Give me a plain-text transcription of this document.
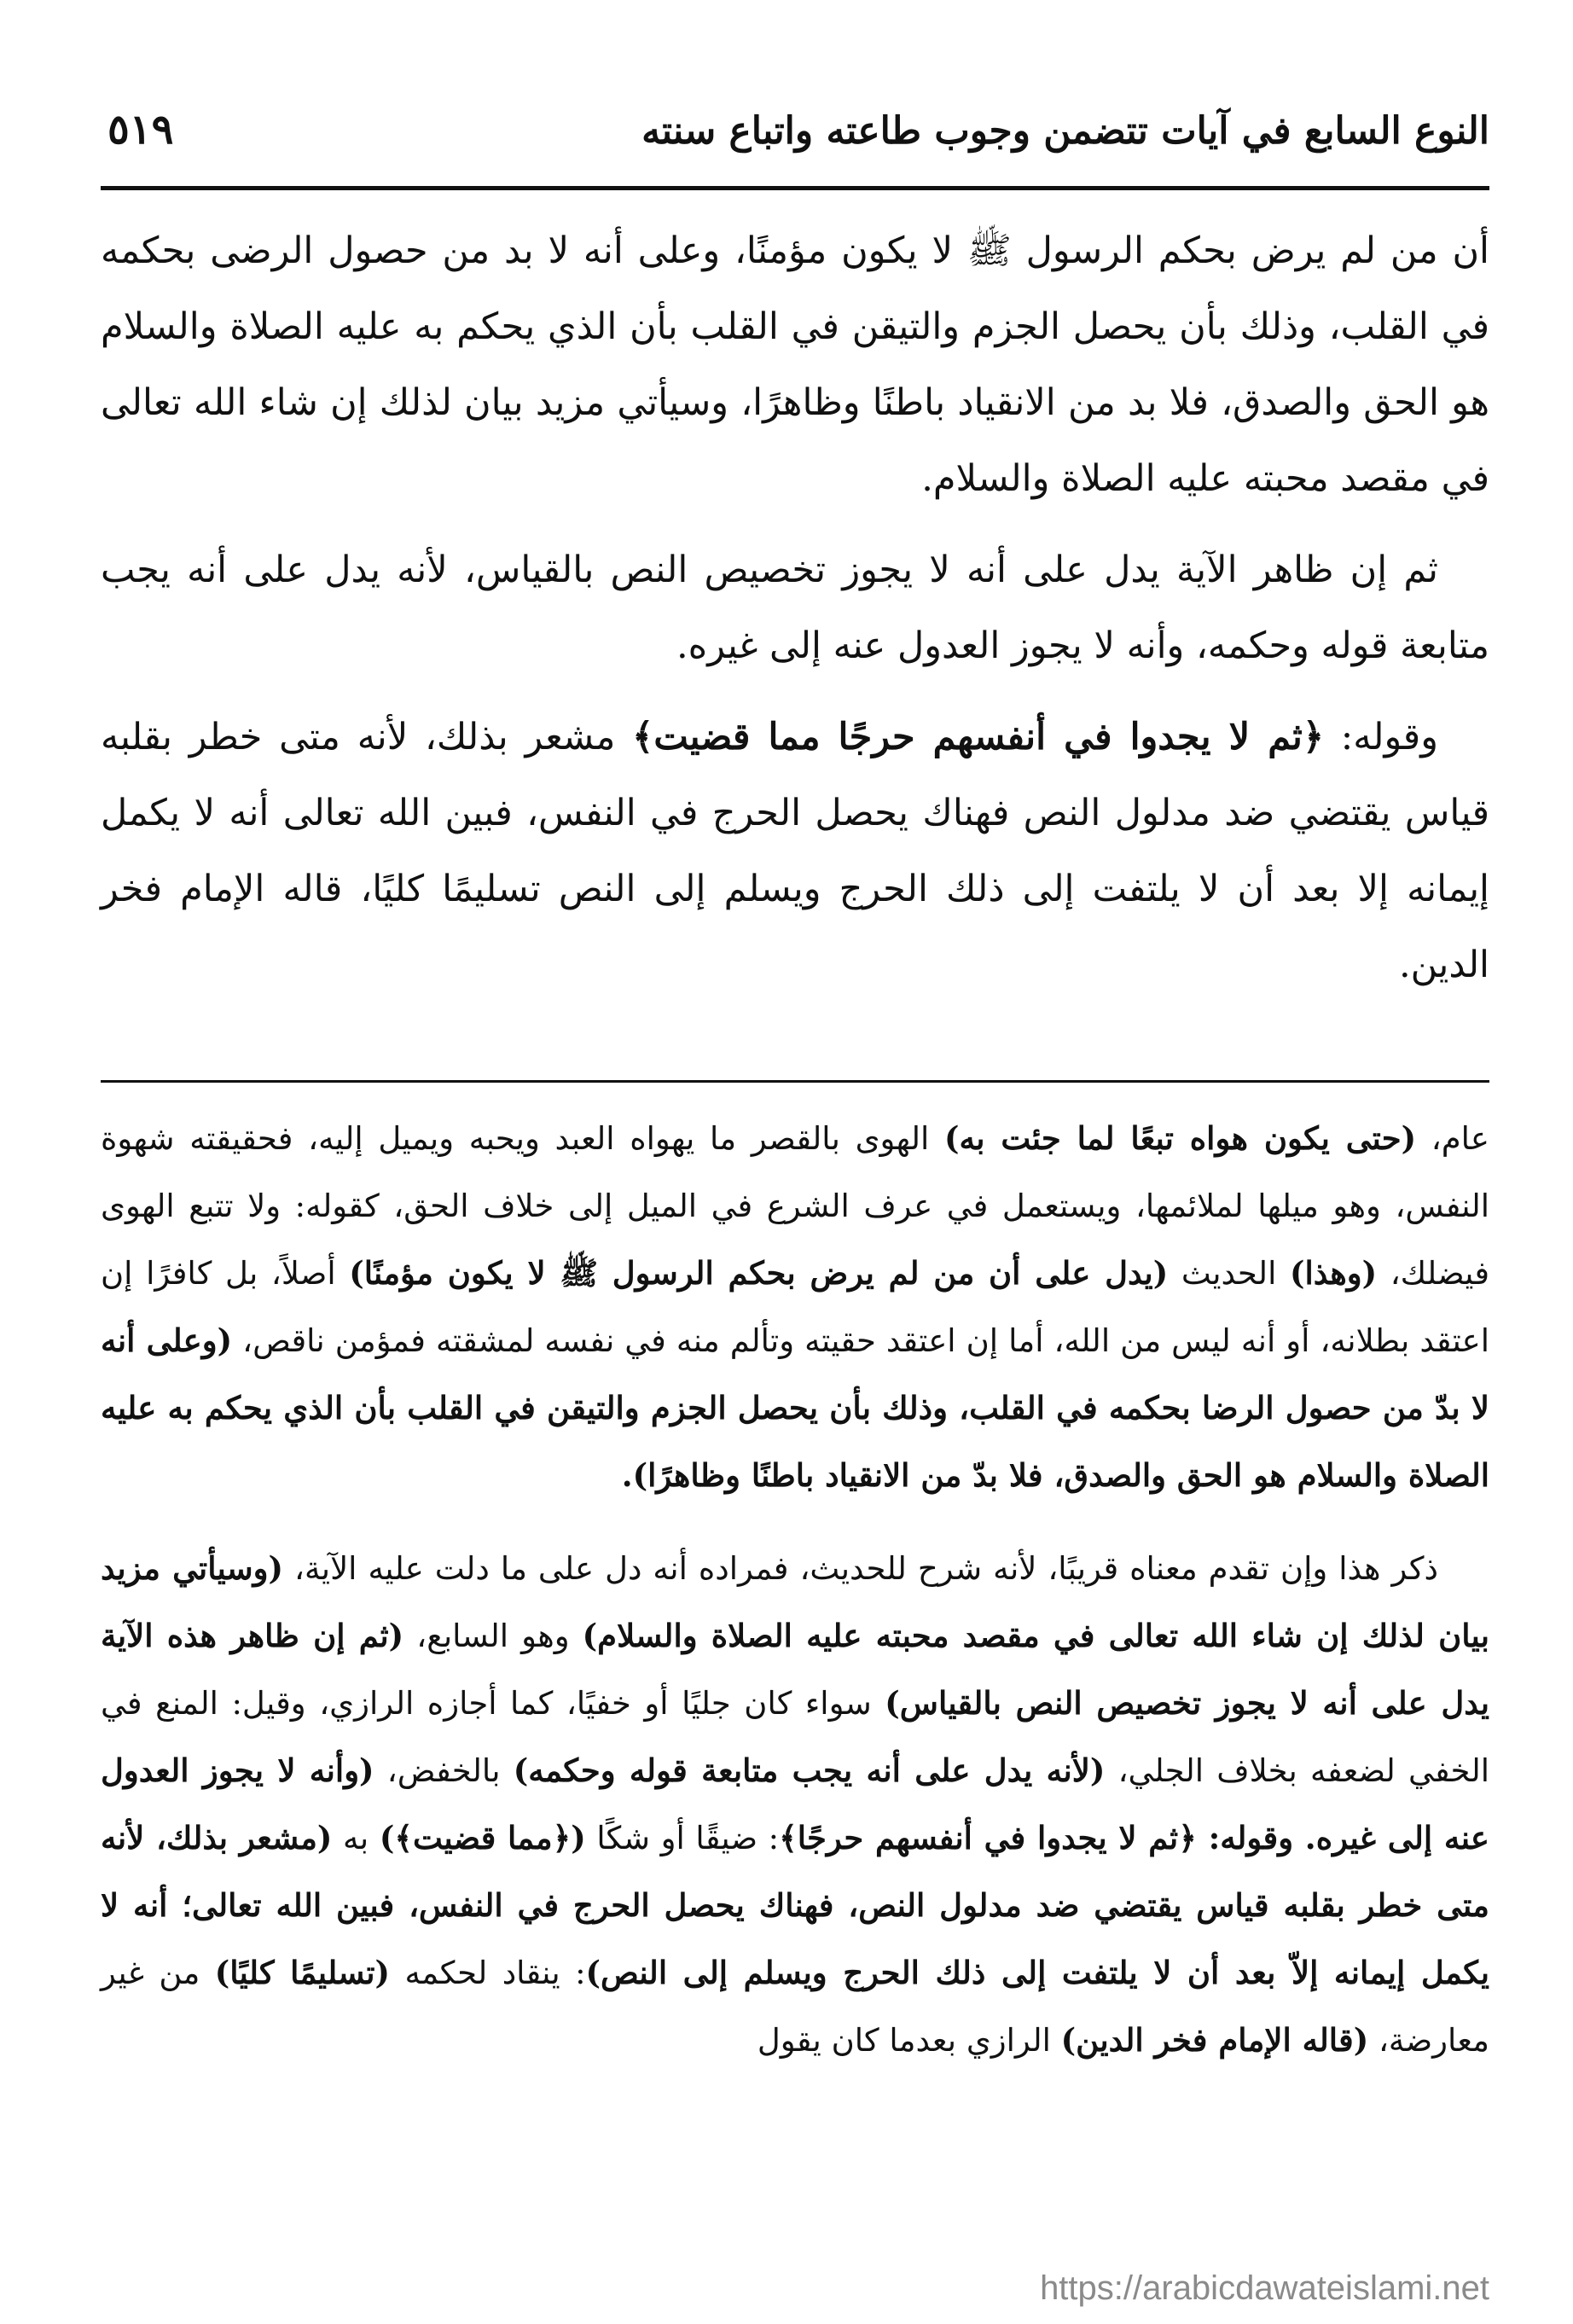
النوع السابع في آيات تتضمن وجوب طاعته واتباع سنته
٥١٩

أن من لم يرض بحكم الرسول ﷺ لا يكون مؤمنًا، وعلى أنه لا بد من حصول الرضى بحكمه في القلب، وذلك بأن يحصل الجزم والتيقن في القلب بأن الذي يحكم به عليه الصلاة والسلام هو الحق والصدق، فلا بد من الانقياد باطنًا وظاهرًا، وسيأتي مزيد بيان لذلك إن شاء الله تعالى في مقصد محبته عليه الصلاة والسلام.

ثم إن ظاهر الآية يدل على أنه لا يجوز تخصيص النص بالقياس، لأنه يدل على أنه يجب متابعة قوله وحكمه، وأنه لا يجوز العدول عنه إلى غيره.

وقوله: ﴿ثم لا يجدوا في أنفسهم حرجًا مما قضيت﴾ مشعر بذلك، لأنه متى خطر بقلبه قياس يقتضي ضد مدلول النص فهناك يحصل الحرج في النفس، فبين الله تعالى أنه لا يكمل إيمانه إلا بعد أن لا يلتفت إلى ذلك الحرج ويسلم إلى النص تسليمًا كليًا، قاله الإمام فخر الدين.

عام، (حتى يكون هواه تبعًا لما جئت به) الهوى بالقصر ما يهواه العبد ويحبه ويميل إليه، فحقيقته شهوة النفس، وهو ميلها لملائمها، ويستعمل في عرف الشرع في الميل إلى خلاف الحق، كقوله: ولا تتبع الهوى فيضلك، (وهذا) الحديث (يدل على أن من لم يرض بحكم الرسول ﷺ لا يكون مؤمنًا) أصلاً، بل كافرًا إن اعتقد بطلانه، أو أنه ليس من الله، أما إن اعتقد حقيته وتألم منه في نفسه لمشقته فمؤمن ناقص، (وعلى أنه لا بدّ من حصول الرضا بحكمه في القلب، وذلك بأن يحصل الجزم والتيقن في القلب بأن الذي يحكم به عليه الصلاة والسلام هو الحق والصدق، فلا بدّ من الانقياد باطنًا وظاهرًا).

ذكر هذا وإن تقدم معناه قريبًا، لأنه شرح للحديث، فمراده أنه دل على ما دلت عليه الآية، (وسيأتي مزيد بيان لذلك إن شاء الله تعالى في مقصد محبته عليه الصلاة والسلام) وهو السابع، (ثم إن ظاهر هذه الآية يدل على أنه لا يجوز تخصيص النص بالقياس) سواء كان جليًا أو خفيًا، كما أجازه الرازي، وقيل: المنع في الخفي لضعفه بخلاف الجلي، (لأنه يدل على أنه يجب متابعة قوله وحكمه) بالخفض، (وأنه لا يجوز العدول عنه إلى غيره. وقوله: ﴿ثم لا يجدوا في أنفسهم حرجًا﴾: ضيقًا أو شكًا (﴿مما قضيت﴾) به (مشعر بذلك، لأنه متى خطر بقلبه قياس يقتضي ضد مدلول النص، فهناك يحصل الحرج في النفس، فبين الله تعالى؛ أنه لا يكمل إيمانه إلاّ بعد أن لا يلتفت إلى ذلك الحرج ويسلم إلى النص): ينقاد لحكمه (تسليمًا كليًا) من غير معارضة، (قاله الإمام فخر الدين) الرازي بعدما كان يقول

https://arabicdawateislami.net
